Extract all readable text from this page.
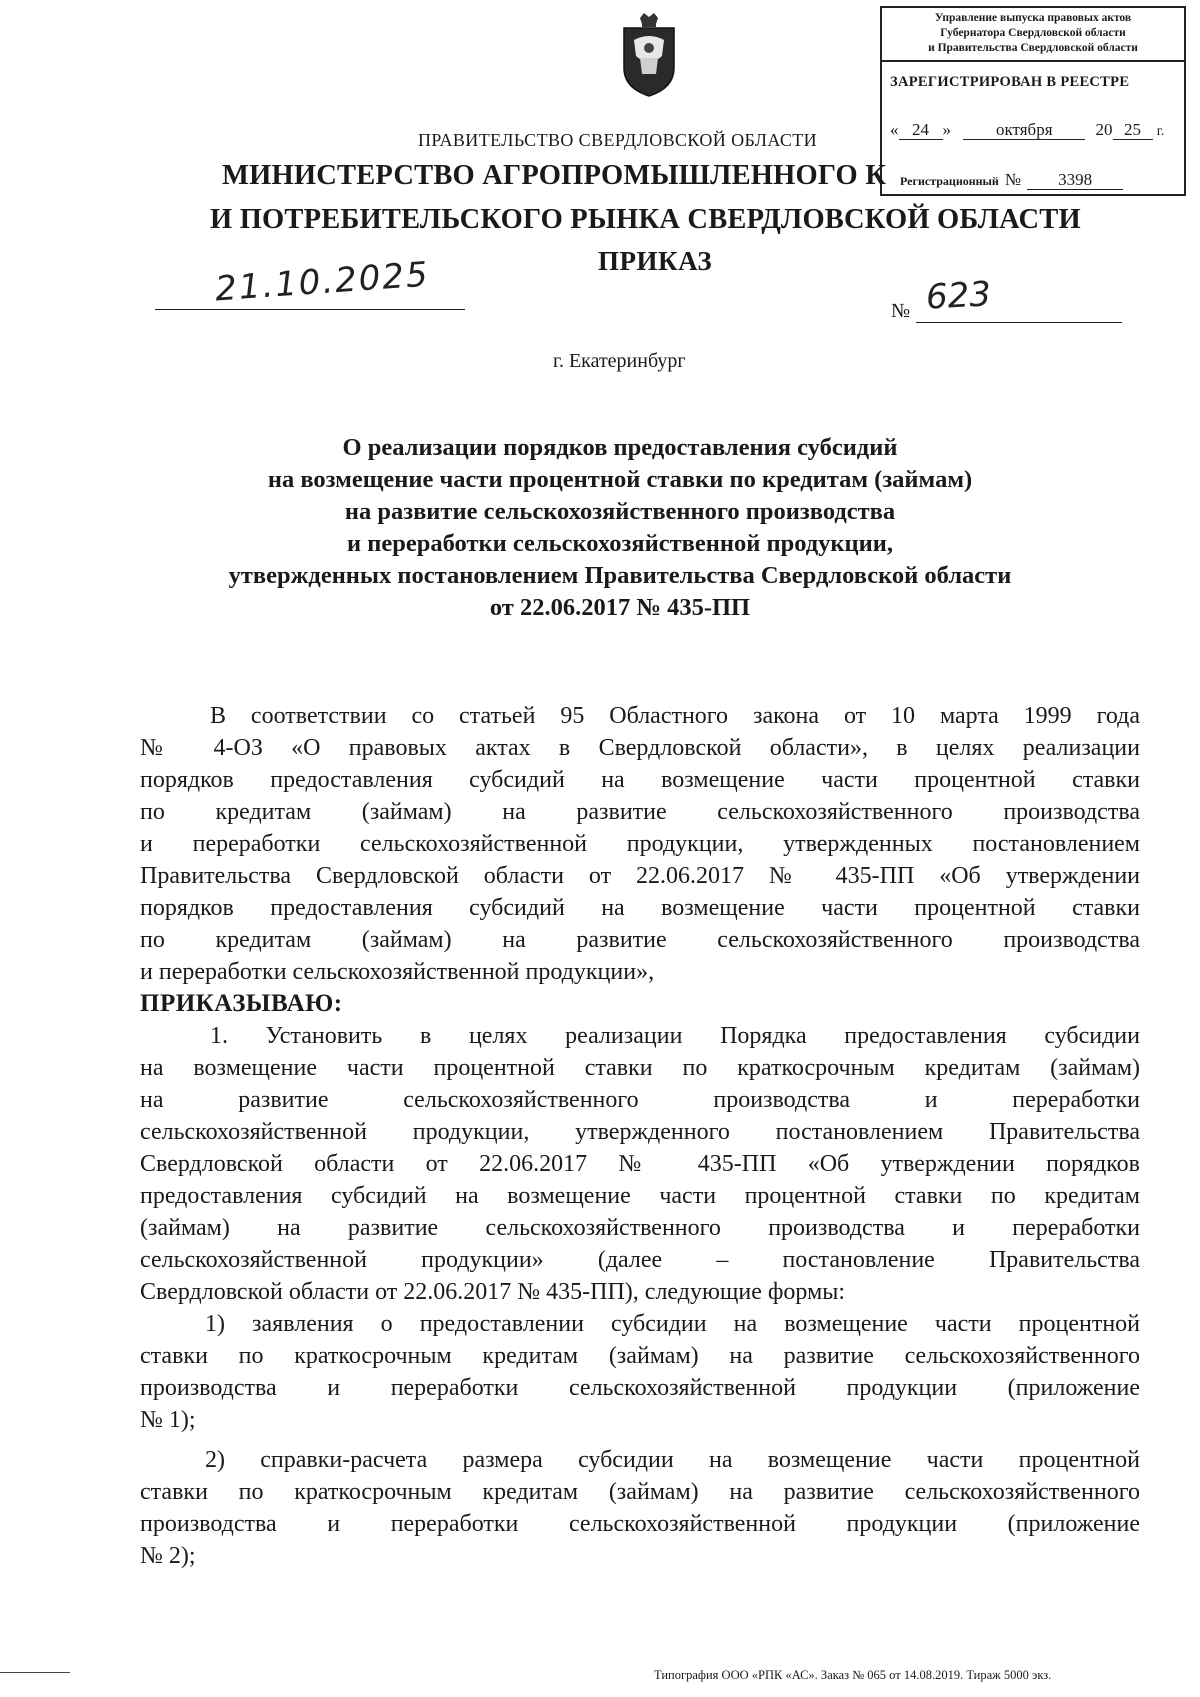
Управление выпуска правовых актов
Губернатора Свердловской области
и Правительства Свердловской области
ЗАРЕГИСТРИРОВАН В РЕЕСТРЕ
« 24 »	октября	20 25 г.
Регистрационный № 3398
ПРАВИТЕЛЬСТВО СВЕРДЛОВСКОЙ ОБЛАСТИ
МИНИСТЕРСТВО АГРОПРОМЫШЛЕННОГО К
И ПОТРЕБИТЕЛЬСКОГО РЫНКА СВЕРДЛОВСКОЙ ОБЛАСТИ
ПРИКАЗ
21.10.2025
№ 623
г. Екатеринбург
О реализации порядков предоставления субсидий
на возмещение части процентной ставки по кредитам (займам)
на развитие сельскохозяйственного производства
и переработки сельскохозяйственной продукции,
утвержденных постановлением Правительства Свердловской области
от 22.06.2017 № 435-ПП
В соответствии со статьей 95 Областного закона от 10 марта 1999 года
№ 4-ОЗ «О правовых актах в Свердловской области», в целях реализации
порядков предоставления субсидий на возмещение части процентной ставки
по кредитам (займам) на развитие сельскохозяйственного производства
и переработки сельскохозяйственной продукции, утвержденных постановлением
Правительства Свердловской области от 22.06.2017 № 435-ПП «Об утверждении
порядков предоставления субсидий на возмещение части процентной ставки
по кредитам (займам) на развитие сельскохозяйственного производства
и переработки сельскохозяйственной продукции»,
ПРИКАЗЫВАЮ:
1. Установить в целях реализации Порядка предоставления субсидии
на возмещение части процентной ставки по краткосрочным кредитам (займам)
на развитие сельскохозяйственного производства и переработки
сельскохозяйственной продукции, утвержденного постановлением Правительства
Свердловской области от 22.06.2017 № 435-ПП «Об утверждении порядков
предоставления субсидий на возмещение части процентной ставки по кредитам
(займам) на развитие сельскохозяйственного производства и переработки
сельскохозяйственной продукции» (далее – постановление Правительства
Свердловской области от 22.06.2017 № 435-ПП), следующие формы:
1) заявления о предоставлении субсидии на возмещение части процентной
ставки по краткосрочным кредитам (займам) на развитие сельскохозяйственного
производства и переработки сельскохозяйственной продукции (приложение
№ 1);
2) справки-расчета размера субсидии на возмещение части процентной
ставки по краткосрочным кредитам (займам) на развитие сельскохозяйственного
производства и переработки сельскохозяйственной продукции (приложение
№ 2);
Типография ООО «РПК «АС». Заказ № 065 от 14.08.2019. Тираж 5000 экз.
